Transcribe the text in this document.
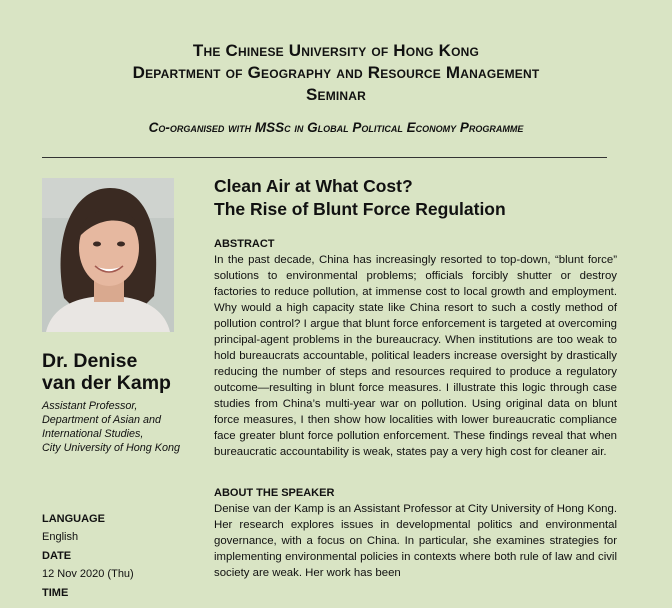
The Chinese University of Hong Kong
Department of Geography and Resource Management
Seminar
Co-organised with MSSc in Global Political Economy Programme
Dr. Denise
van der Kamp
Assistant Professor,
Department of Asian and
International Studies,
City University of Hong Kong
LANGUAGE
English
DATE
12 Nov 2020 (Thu)
TIME
Clean Air at What Cost?
The Rise of Blunt Force Regulation
ABSTRACT
In the past decade, China has increasingly resorted to top-down, “blunt force” solutions to environmental problems; officials forcibly shutter or destroy factories to reduce pollution, at immense cost to local growth and employment. Why would a high capacity state like China resort to such a costly method of pollution control? I argue that blunt force enforcement is targeted at overcoming principal-agent problems in the bureaucracy. When institutions are too weak to hold bureaucrats accountable, political leaders increase oversight by drastically reducing the number of steps and resources required to produce a regulatory outcome—resulting in blunt force measures. I illustrate this logic through case studies from China’s multi-year war on pollution. Using original data on blunt force measures, I then show how localities with lower bureaucratic compliance face greater blunt force pollution enforcement. These findings reveal that when bureaucratic accountability is weak, states pay a very high cost for cleaner air.
ABOUT THE SPEAKER
Denise van der Kamp is an Assistant Professor at City University of Hong Kong. Her research explores issues in developmental politics and environmental governance, with a focus on China. In particular, she examines strategies for implementing environmental policies in contexts where both rule of law and civil society are weak. Her work has been
